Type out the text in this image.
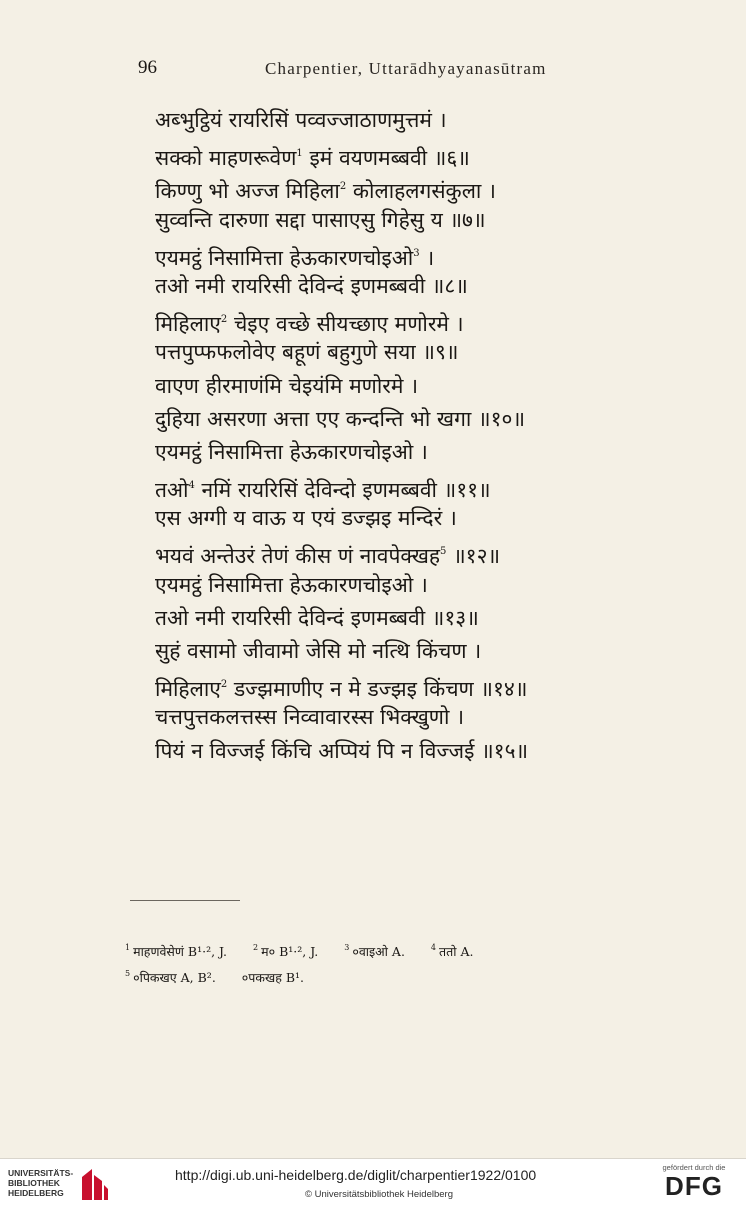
96	Charpentier, Uttarādhyayanasūtram
अब्भुट्ठियं रायरिसिं पव्वज्जाठाणमुत्तमं ।
सक्को माहणरूवेण$^1$ इमं वयणमब्बवी ॥६॥
किण्णु भो अज्ज मिहिला$^2$ कोलाहलगसंकुला ।
सुव्वन्ति दारुणा सद्दा पासाएसु गिहेसु य ॥७॥
एयमट्ठं निसामित्ता हेऊकारणचोइओ$^3$ ।
तओ नमी रायरिसी देविन्दं इणमब्बवी ॥८॥
मिहिलाए$^2$ चेइए वच्छे सीयच्छाए मणोरमे ।
पत्तपुप्फफलोवेए बहूणं बहुगुणे सया ॥९॥
वाएण हीरमाणंमि चेइयंमि मणोरमे ।
दुहिया असरणा अत्ता एए कन्दन्ति भो खगा ॥१०॥
एयमट्ठं निसामित्ता हेऊकारणचोइओ ।
तओ$^4$ नमिं रायरिसिं देविन्दो इणमब्बवी ॥११॥
एस अग्गी य वाऊ य एयं डज्झइ मन्दिरं ।
भयवं अन्तेउरं तेणं कीस णं नावपेक्खह$^5$ ॥१२॥
एयमट्ठं निसामित्ता हेऊकारणचोइओ ।
तओ नमी रायरिसी देविन्दं इणमब्बवी ॥१३॥
सुहं वसामो जीवामो जेसि मो नत्थि किंचण ।
मिहिलाए$^2$ डज्झमाणीए न मे डज्झइ किंचण ॥१४॥
चत्तपुत्तकलत्तस्स निव्वावारस्स भिक्खुणो ।
पियं न विज्जई किंचि अप्पियं पि न विज्जई ॥१५॥
$^1$ माहणवेसेणं B¹·², J.	$^2$ म० B¹·², J.	$^3$ ०वाइओ A.	$^4$ ततो A.
$^5$ ०पिकखए A, B². ०पकखह B¹.
UNIVERSITÄTS-
BIBLIOTHEK
HEIDELBERG
http://digi.ub.uni-heidelberg.de/diglit/charpentier1922/0100
© Universitätsbibliothek Heidelberg
gefördert durch die
DFG
